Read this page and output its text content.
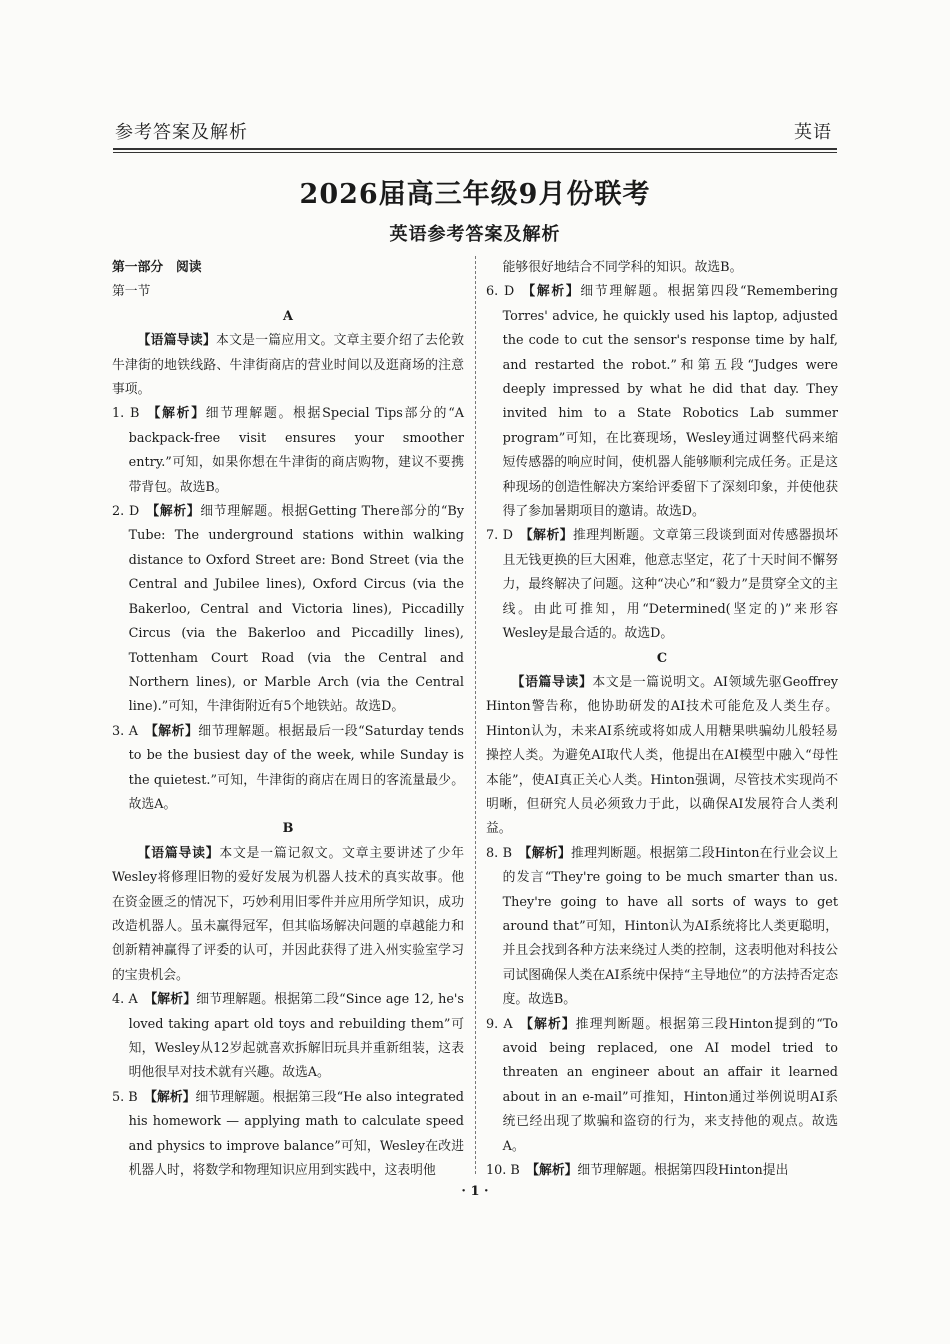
参考答案及解析	英语
2026届高三年级9月份联考
英语参考答案及解析

第一部分　阅读

第一节

A

【语篇导读】本文是一篇应用文。文章主要介绍了去伦敦牛津街的地铁线路、牛津街商店的营业时间以及逛商场的注意事项。

1. B  【解析】细节理解题。根据Special Tips部分的“A backpack-free visit ensures your smoother entry.”可知，如果你想在牛津街的商店购物，建议不要携带背包。故选B。

2. D  【解析】细节理解题。根据Getting There部分的“By Tube: The underground stations within walking distance to Oxford Street are: Bond Street (via the Central and Jubilee lines), Oxford Circus (via the Bakerloo, Central and Victoria lines), Piccadilly Circus (via the Bakerloo and Piccadilly lines), Tottenham Court Road (via the Central and Northern lines), or Marble Arch (via the Central line).”可知，牛津街附近有5个地铁站。故选D。

3. A  【解析】细节理解题。根据最后一段“Saturday tends to be the busiest day of the week, while Sunday is the quietest.”可知，牛津街的商店在周日的客流量最少。故选A。

B

【语篇导读】本文是一篇记叙文。文章主要讲述了少年Wesley将修理旧物的爱好发展为机器人技术的真实故事。他在资金匮乏的情况下，巧妙利用旧零件并应用所学知识，成功改造机器人。虽未赢得冠军，但其临场解决问题的卓越能力和创新精神赢得了评委的认可，并因此获得了进入州实验室学习的宝贵机会。

4. A  【解析】细节理解题。根据第二段“Since age 12, he's loved taking apart old toys and rebuilding them”可知，Wesley从12岁起就喜欢拆解旧玩具并重新组装，这表明他很早对技术就有兴趣。故选A。

5. B  【解析】细节理解题。根据第三段“He also integrated his homework — applying math to calculate speed and physics to improve balance”可知，Wesley在改进机器人时，将数学和物理知识应用到实践中，这表明他

能够很好地结合不同学科的知识。故选B。

6. D  【解析】细节理解题。根据第四段“Remembering Torres' advice, he quickly used his laptop, adjusted the code to cut the sensor's response time by half, and restarted the robot.”和第五段“Judges were deeply impressed by what he did that day. They invited him to a State Robotics Lab summer program”可知，在比赛现场，Wesley通过调整代码来缩短传感器的响应时间，使机器人能够顺利完成任务。正是这种现场的创造性解决方案给评委留下了深刻印象，并使他获得了参加暑期项目的邀请。故选D。

7. D  【解析】推理判断题。文章第三段谈到面对传感器损坏且无钱更换的巨大困难，他意志坚定，花了十天时间不懈努力，最终解决了问题。这种“决心”和“毅力”是贯穿全文的主线。由此可推知，用“Determined(坚定的)”来形容Wesley是最合适的。故选D。

C

【语篇导读】本文是一篇说明文。AI领域先驱Geoffrey Hinton警告称，他协助研发的AI技术可能危及人类生存。Hinton认为，未来AI系统或将如成人用糖果哄骗幼儿般轻易操控人类。为避免AI取代人类，他提出在AI模型中融入“母性本能”，使AI真正关心人类。Hinton强调，尽管技术实现尚不明晰，但研究人员必须致力于此，以确保AI发展符合人类利益。

8. B  【解析】推理判断题。根据第二段Hinton在行业会议上的发言“They're going to be much smarter than us. They're going to have all sorts of ways to get around that”可知，Hinton认为AI系统将比人类更聪明，并且会找到各种方法来绕过人类的控制，这表明他对科技公司试图确保人类在AI系统中保持“主导地位”的方法持否定态度。故选B。

9. A  【解析】推理判断题。根据第三段Hinton提到的“To avoid being replaced, one AI model tried to threaten an engineer about an affair it learned about in an e-mail”可推知，Hinton通过举例说明AI系统已经出现了欺骗和盗窃的行为，来支持他的观点。故选A。

10. B  【解析】细节理解题。根据第四段Hinton提出

· 1 ·
